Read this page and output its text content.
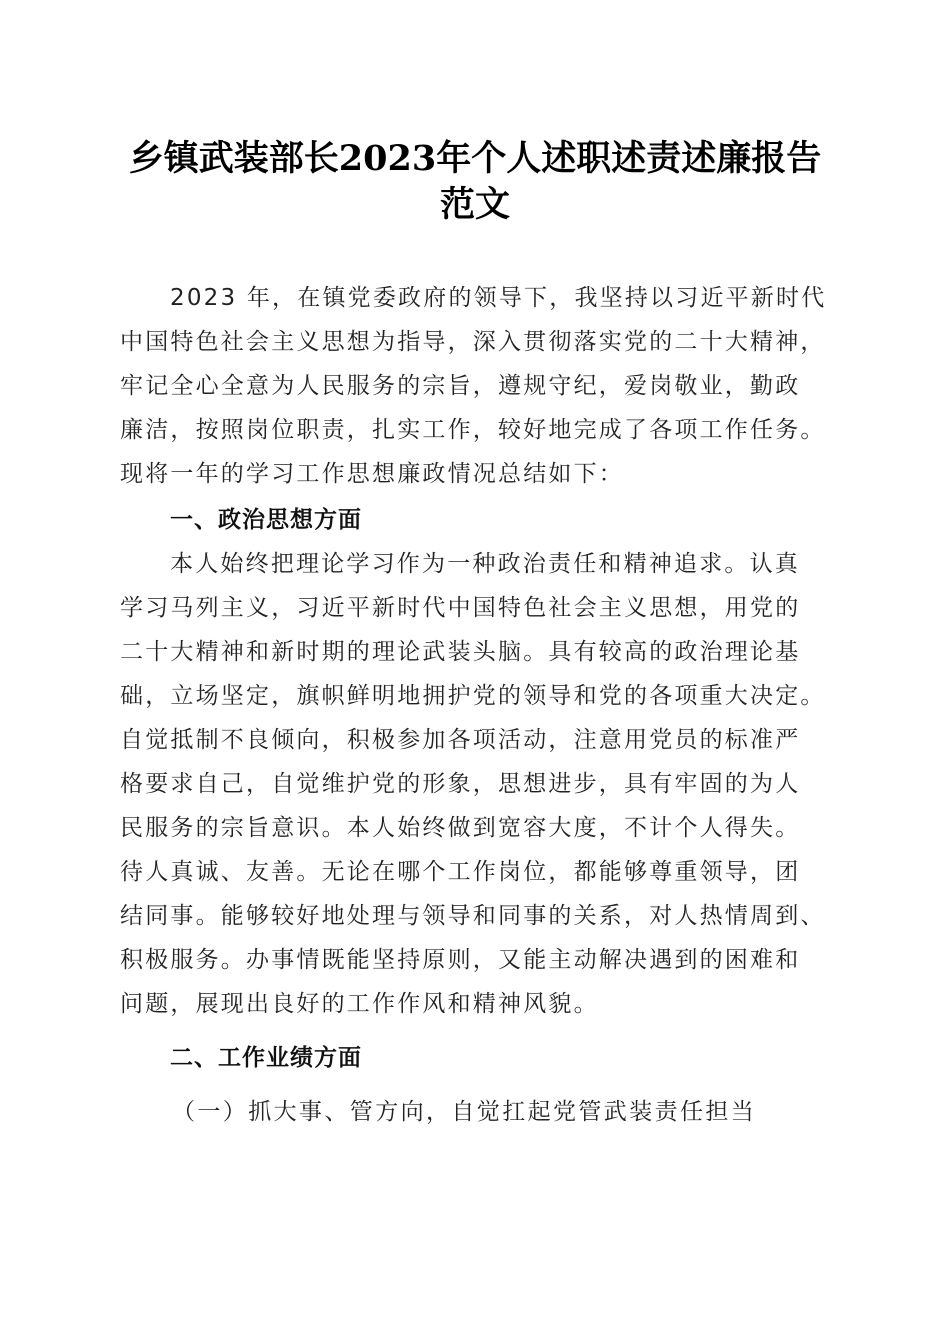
乡镇武装部长2023年个人述职述责述廉报告
范文
2023 年，在镇党委政府的领导下，我坚持以习近平新时代
中国特色社会主义思想为指导，深入贯彻落实党的二十大精神，
牢记全心全意为人民服务的宗旨，遵规守纪，爱岗敬业，勤政
廉洁，按照岗位职责，扎实工作，较好地完成了各项工作任务。
现将一年的学习工作思想廉政情况总结如下：
一、政治思想方面
本人始终把理论学习作为一种政治责任和精神追求。认真
学习马列主义，习近平新时代中国特色社会主义思想，用党的
二十大精神和新时期的理论武装头脑。具有较高的政治理论基
础，立场坚定，旗帜鲜明地拥护党的领导和党的各项重大决定。
自觉抵制不良倾向，积极参加各项活动，注意用党员的标准严
格要求自己，自觉维护党的形象，思想进步，具有牢固的为人
民服务的宗旨意识。本人始终做到宽容大度，不计个人得失。
待人真诚、友善。无论在哪个工作岗位，都能够尊重领导，团
结同事。能够较好地处理与领导和同事的关系，对人热情周到、
积极服务。办事情既能坚持原则，又能主动解决遇到的困难和
问题，展现出良好的工作作风和精神风貌。
二、工作业绩方面
（一）抓大事、管方向，自觉扛起党管武装责任担当
